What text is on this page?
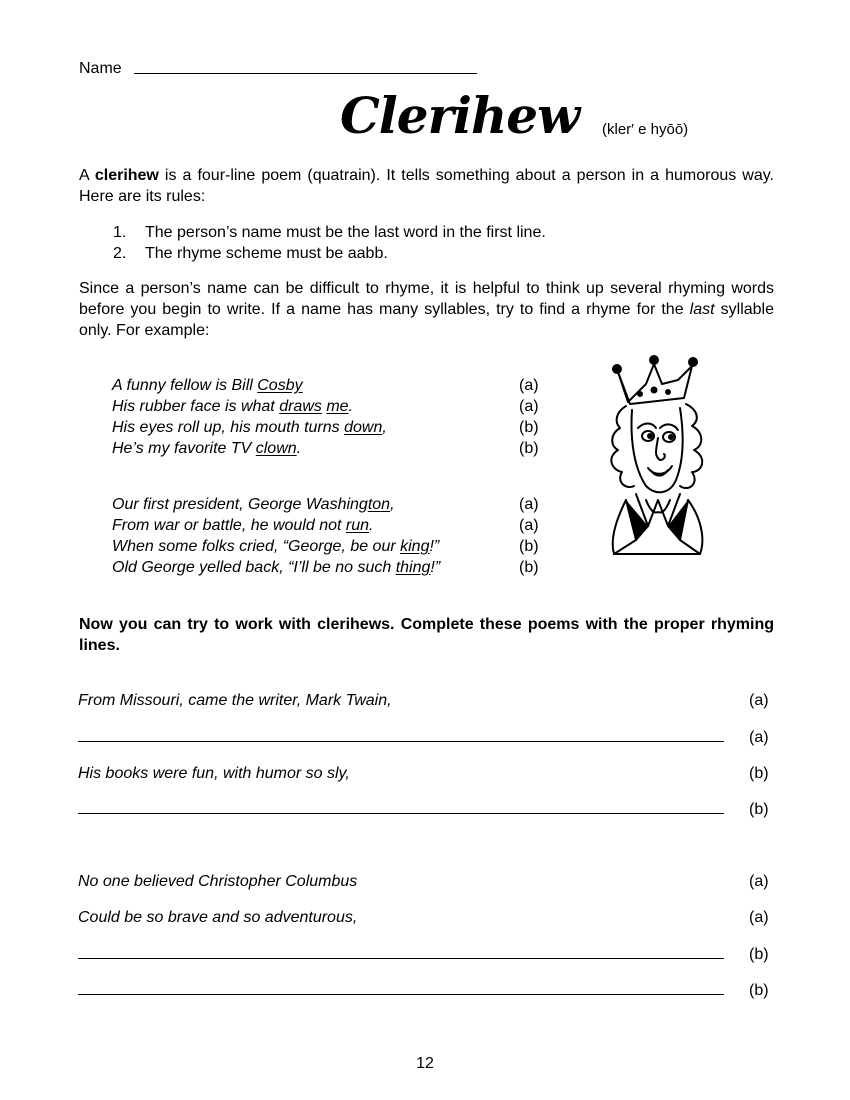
Name
Clerihew (kler′ e hyōō)
A clerihew is a four-line poem (quatrain). It tells something about a person in a humorous way. Here are its rules:
1.	The person’s name must be the last word in the first line.
2.	The rhyme scheme must be aabb.
Since a person’s name can be difficult to rhyme, it is helpful to think up several rhyming words before you begin to write. If a name has many syllables, try to find a rhyme for the last syllable only. For example:
A funny fellow is Bill Cosby	(a)
His rubber face is what draws me.	(a)
His eyes roll up, his mouth turns down,	(b)
He’s my favorite TV clown.	(b)
Our first president, George Washington,	(a)
From war or battle, he would not run.	(a)
When some folks cried, “George, be our king!”	(b)
Old George yelled back, “I’ll be no such thing!”	(b)
Now you can try to work with clerihews. Complete these poems with the proper rhyming lines.
From Missouri, came the writer, Mark Twain,	(a)
(a)
His books were fun, with humor so sly,	(b)
(b)
No one believed Christopher Columbus	(a)
Could be so brave and so adventurous,	(a)
(b)
(b)
12
